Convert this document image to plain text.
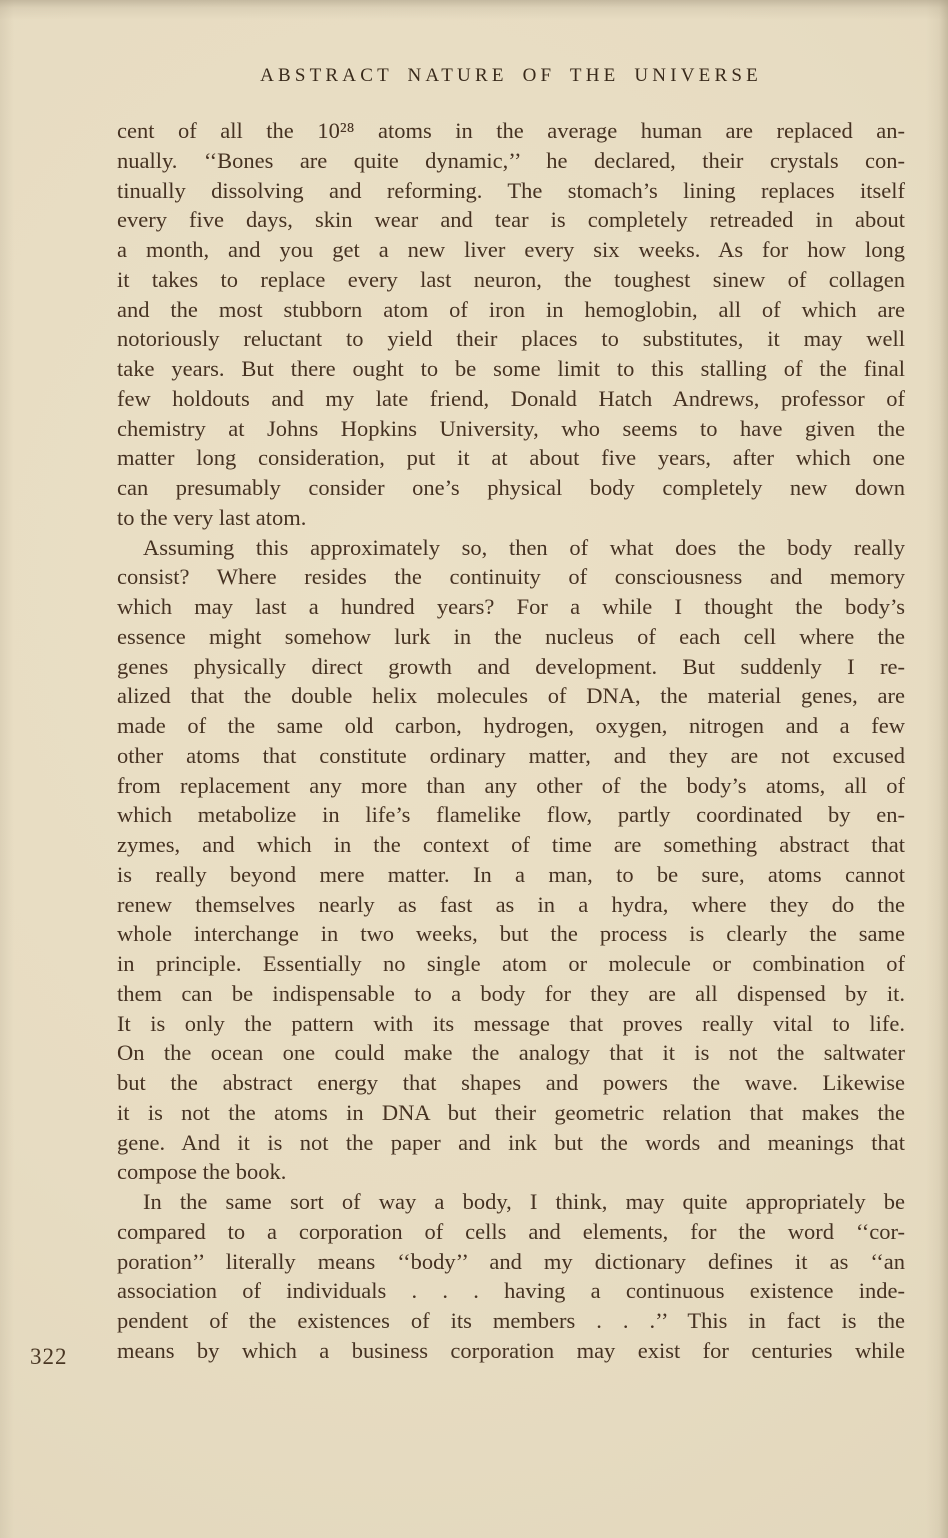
ABSTRACT NATURE OF THE UNIVERSE
cent of all the 10²⁸ atoms in the average human are replaced an-
nually. ‘‘Bones are quite dynamic,’’ he declared, their crystals con-
tinually dissolving and reforming. The stomach’s lining replaces itself
every five days, skin wear and tear is completely retreaded in about
a month, and you get a new liver every six weeks. As for how long
it takes to replace every last neuron, the toughest sinew of collagen
and the most stubborn atom of iron in hemoglobin, all of which are
notoriously reluctant to yield their places to substitutes, it may well
take years. But there ought to be some limit to this stalling of the final
few holdouts and my late friend, Donald Hatch Andrews, professor of
chemistry at Johns Hopkins University, who seems to have given the
matter long consideration, put it at about five years, after which one
can presumably consider one’s physical body completely new down
to the very last atom.
Assuming this approximately so, then of what does the body really
consist? Where resides the continuity of consciousness and memory
which may last a hundred years? For a while I thought the body’s
essence might somehow lurk in the nucleus of each cell where the
genes physically direct growth and development. But suddenly I re-
alized that the double helix molecules of DNA, the material genes, are
made of the same old carbon, hydrogen, oxygen, nitrogen and a few
other atoms that constitute ordinary matter, and they are not excused
from replacement any more than any other of the body’s atoms, all of
which metabolize in life’s flamelike flow, partly coordinated by en-
zymes, and which in the context of time are something abstract that
is really beyond mere matter. In a man, to be sure, atoms cannot
renew themselves nearly as fast as in a hydra, where they do the
whole interchange in two weeks, but the process is clearly the same
in principle. Essentially no single atom or molecule or combination of
them can be indispensable to a body for they are all dispensed by it.
It is only the pattern with its message that proves really vital to life.
On the ocean one could make the analogy that it is not the saltwater
but the abstract energy that shapes and powers the wave. Likewise
it is not the atoms in DNA but their geometric relation that makes the
gene. And it is not the paper and ink but the words and meanings that
compose the book.
In the same sort of way a body, I think, may quite appropriately be
compared to a corporation of cells and elements, for the word ‘‘cor-
poration’’ literally means ‘‘body’’ and my dictionary defines it as ‘‘an
association of individuals . . . having a continuous existence inde-
pendent of the existences of its members . . .’’ This in fact is the
means by which a business corporation may exist for centuries while
322
